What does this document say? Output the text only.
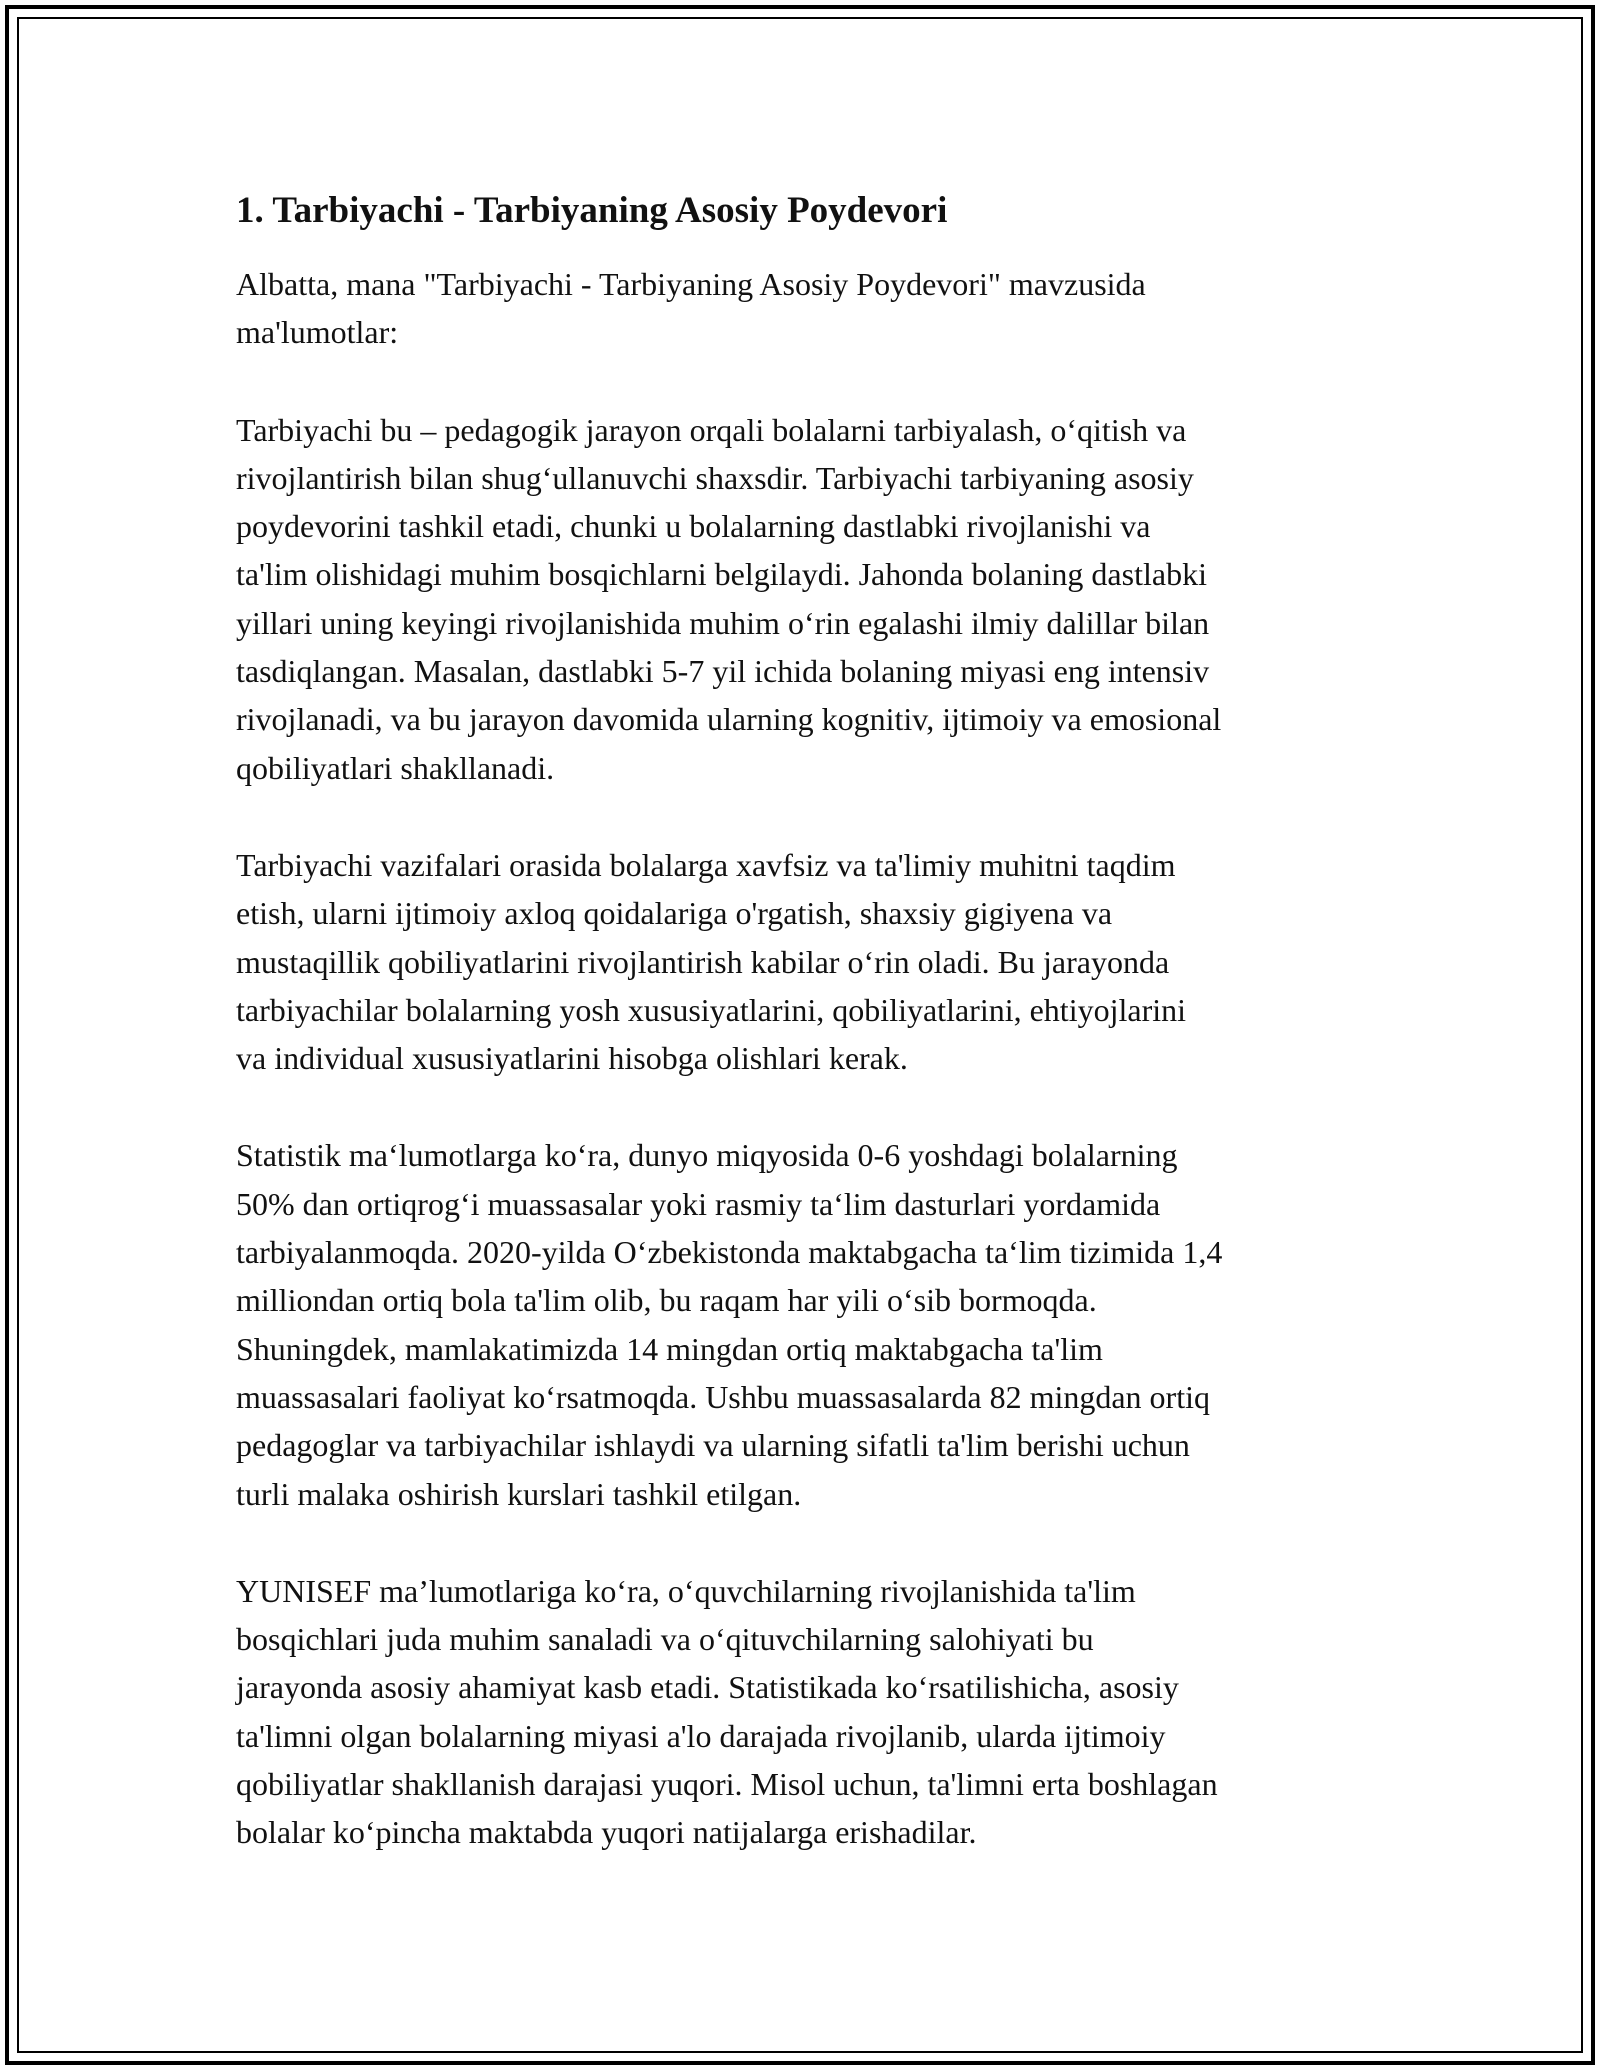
1. Tarbiyachi - Tarbiyaning Asosiy Poydevori

Albatta, mana "Tarbiyachi - Tarbiyaning Asosiy Poydevori" mavzusida
ma'lumotlar:

Tarbiyachi bu – pedagogik jarayon orqali bolalarni tarbiyalash, oʻqitish va
rivojlantirish bilan shugʻullanuvchi shaxsdir. Tarbiyachi tarbiyaning asosiy
poydevorini tashkil etadi, chunki u bolalarning dastlabki rivojlanishi va
ta'lim olishidagi muhim bosqichlarni belgilaydi. Jahonda bolaning dastlabki
yillari uning keyingi rivojlanishida muhim oʻrin egalashi ilmiy dalillar bilan
tasdiqlangan. Masalan, dastlabki 5-7 yil ichida bolaning miyasi eng intensiv
rivojlanadi, va bu jarayon davomida ularning kognitiv, ijtimoiy va emosional
qobiliyatlari shakllanadi.

Tarbiyachi vazifalari orasida bolalarga xavfsiz va ta'limiy muhitni taqdim
etish, ularni ijtimoiy axloq qoidalariga o'rgatish, shaxsiy gigiyena va
mustaqillik qobiliyatlarini rivojlantirish kabilar oʻrin oladi. Bu jarayonda
tarbiyachilar bolalarning yosh xususiyatlarini, qobiliyatlarini, ehtiyojlarini
va individual xususiyatlarini hisobga olishlari kerak.

Statistik maʻlumotlarga koʻra, dunyo miqyosida 0-6 yoshdagi bolalarning
50% dan ortiqrogʻi muassasalar yoki rasmiy taʻlim dasturlari yordamida
tarbiyalanmoqda. 2020-yilda Oʻzbekistonda maktabgacha taʻlim tizimida 1,4
milliondan ortiq bola ta'lim olib, bu raqam har yili oʻsib bormoqda.
Shuningdek, mamlakatimizda 14 mingdan ortiq maktabgacha ta'lim
muassasalari faoliyat koʻrsatmoqda. Ushbu muassasalarda 82 mingdan ortiq
pedagoglar va tarbiyachilar ishlaydi va ularning sifatli ta'lim berishi uchun
turli malaka oshirish kurslari tashkil etilgan.

YUNISEF ma’lumotlariga koʻra, oʻquvchilarning rivojlanishida ta'lim
bosqichlari juda muhim sanaladi va oʻqituvchilarning salohiyati bu
jarayonda asosiy ahamiyat kasb etadi. Statistikada koʻrsatilishicha, asosiy
ta'limni olgan bolalarning miyasi a'lo darajada rivojlanib, ularda ijtimoiy
qobiliyatlar shakllanish darajasi yuqori. Misol uchun, ta'limni erta boshlagan
bolalar koʻpincha maktabda yuqori natijalarga erishadilar.
